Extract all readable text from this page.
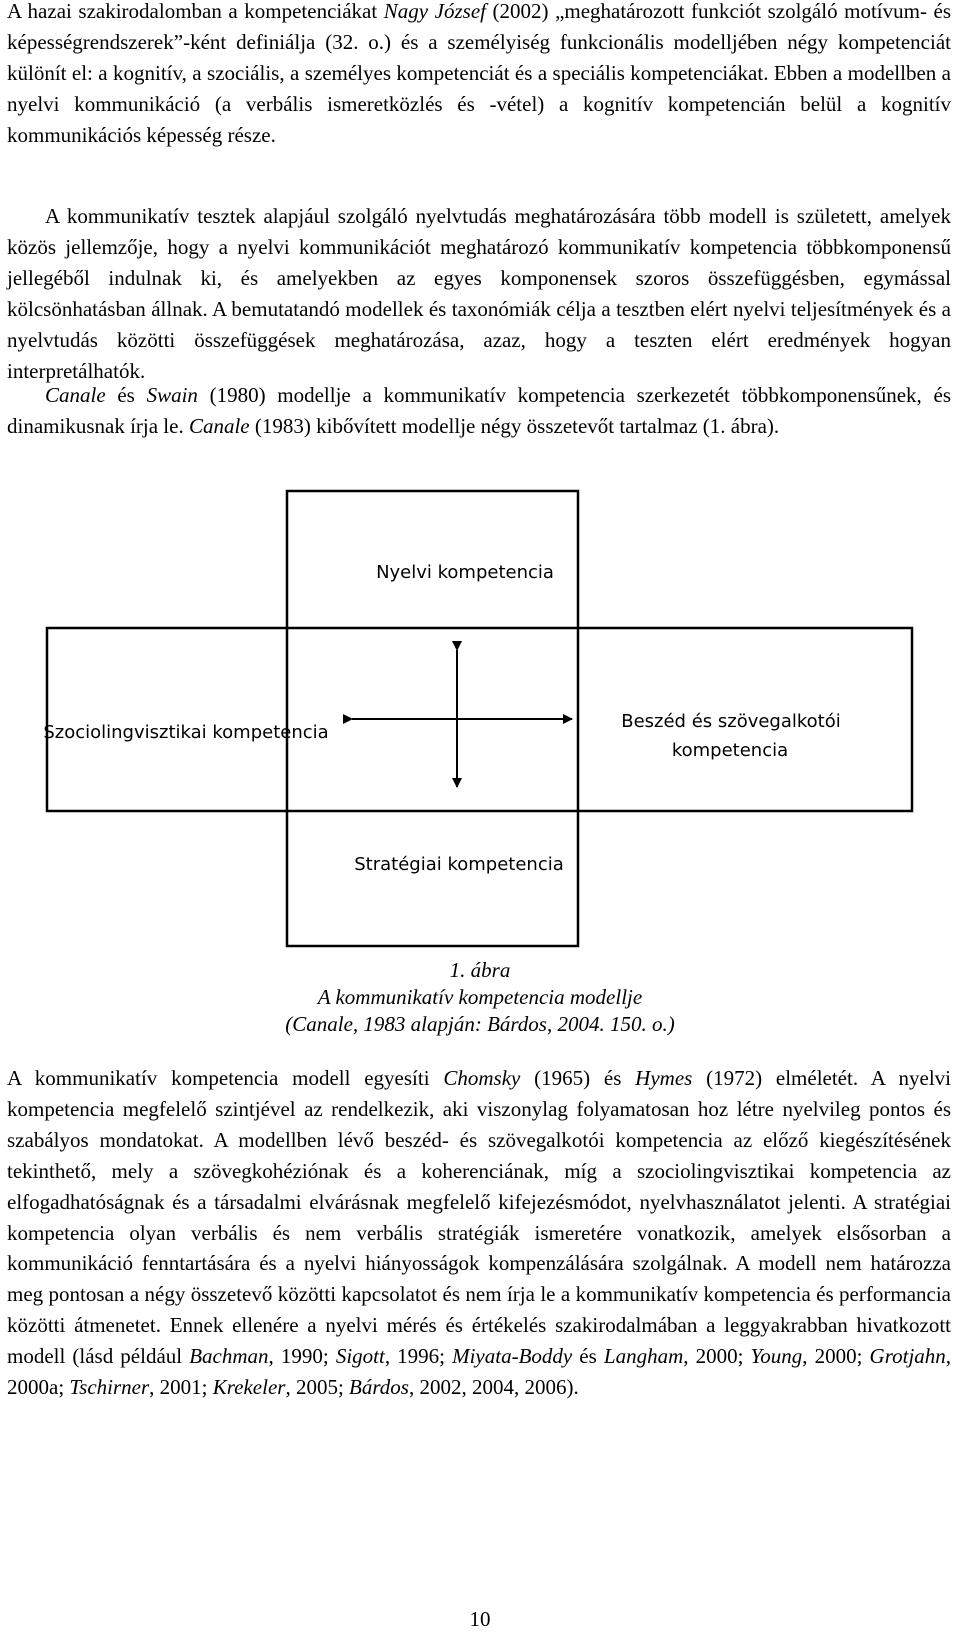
A hazai szakirodalomban a kompetenciákat Nagy József (2002) „meghatározott funkciót szolgáló motívum- és képességrendszerek”-ként definiálja (32. o.) és a személyiség funkcionális modelljében négy kompetenciát különít el: a kognitív, a szociális, a személyes kompetenciát és a speciális kompetenciákat. Ebben a modellben a nyelvi kommunikáció (a verbális ismeretközlés és -vétel) a kognitív kompetencián belül a kognitív kommunikációs képesség része.

A kommunikatív tesztek alapjául szolgáló nyelvtudás meghatározására több modell is született, amelyek közös jellemzője, hogy a nyelvi kommunikációt meghatározó kommunikatív kompetencia többkomponensű jellegéből indulnak ki, és amelyekben az egyes komponensek szoros összefüggésben, egymással kölcsönhatásban állnak. A bemutatandó modellek és taxonómiák célja a tesztben elért nyelvi teljesítmények és a nyelvtudás közötti összefüggések meghatározása, azaz, hogy a teszten elért eredmények hogyan interpretálhatók.

Canale és Swain (1980) modellje a kommunikatív kompetencia szerkezetét többkomponensűnek, és dinamikusnak írja le. Canale (1983) kibővített modellje négy összetevőt tartalmaz (1. ábra).

Nyelvi kompetencia
Szociolingvisztikai kompetencia
Beszéd és szövegalkotói
kompetencia
Stratégiai kompetencia
1. ábra
A kommunikatív kompetencia modellje
(Canale, 1983 alapján: Bárdos, 2004. 150. o.)

A kommunikatív kompetencia modell egyesíti Chomsky (1965) és Hymes (1972) elméletét. A nyelvi kompetencia megfelelő szintjével az rendelkezik, aki viszonylag folyamatosan hoz létre nyelvileg pontos és szabályos mondatokat. A modellben lévő beszéd- és szövegalkotói kompetencia az előző kiegészítésének tekinthető, mely a szövegkohéziónak és a koherenciának, míg a szociolingvisztikai kompetencia az elfogadhatóságnak és a társadalmi elvárásnak megfelelő kifejezésmódot, nyelvhasználatot jelenti. A stratégiai kompetencia olyan verbális és nem verbális stratégiák ismeretére vonatkozik, amelyek elsősorban a kommunikáció fenntartására és a nyelvi hiányosságok kompenzálására szolgálnak. A modell nem határozza meg pontosan a négy összetevő közötti kapcsolatot és nem írja le a kommunikatív kompetencia és performancia közötti átmenetet. Ennek ellenére a nyelvi mérés és értékelés szakirodalmában a leggyakrabban hivatkozott modell (lásd például Bachman, 1990; Sigott, 1996; Miyata-Boddy és Langham, 2000; Young, 2000; Grotjahn, 2000a; Tschirner, 2001; Krekeler, 2005; Bárdos, 2002, 2004, 2006).

10
